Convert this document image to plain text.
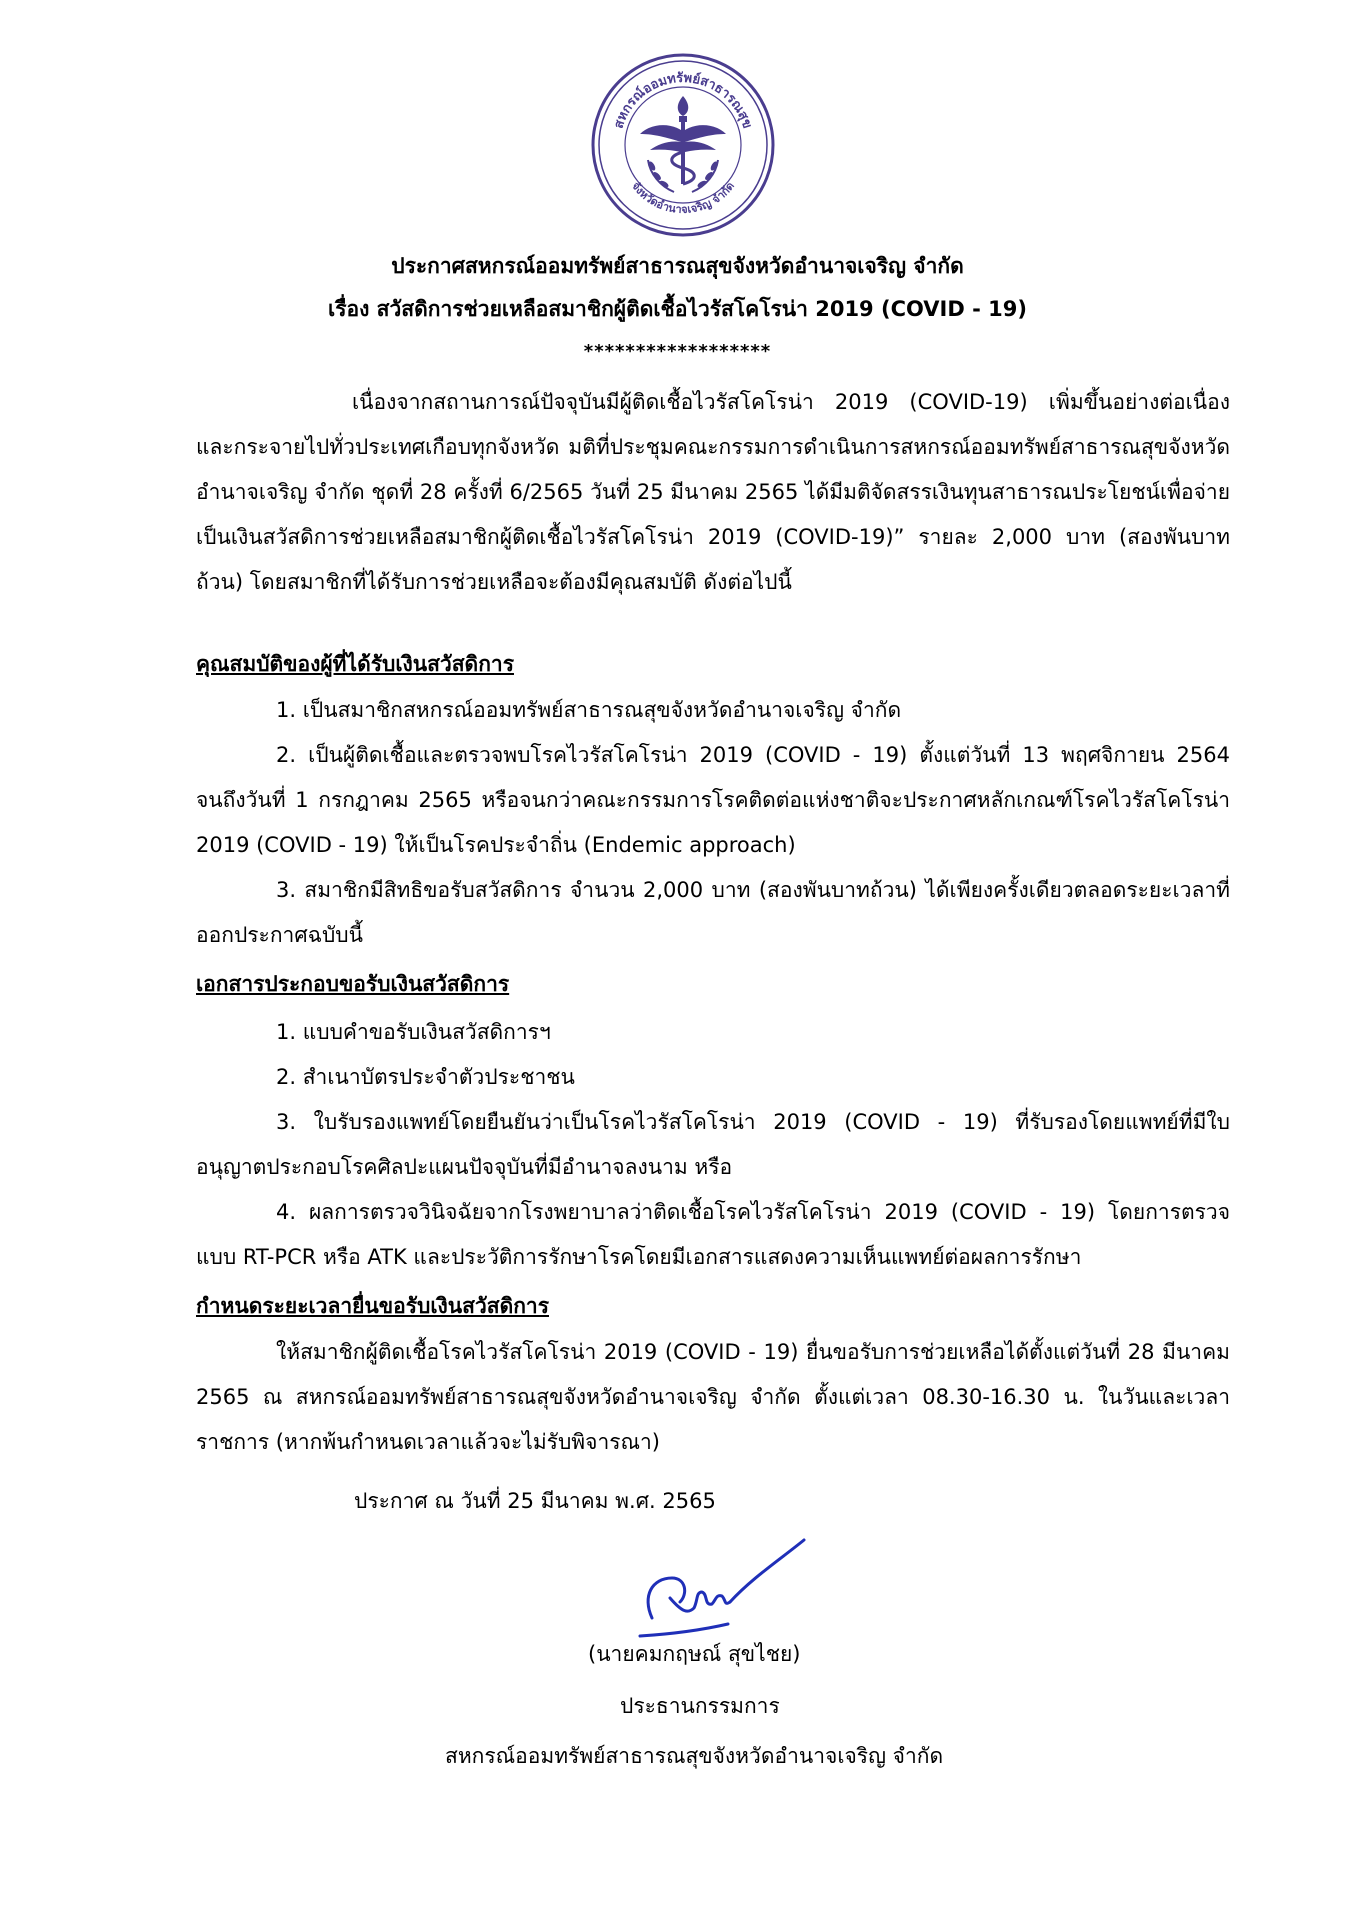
สหกรณ์ออมทรัพย์สาธารณสุข
จังหวัดอำนาจเจริญ จำกัด
ประกาศสหกรณ์ออมทรัพย์สาธารณสุขจังหวัดอำนาจเจริญ จำกัด
เรื่อง สวัสดิการช่วยเหลือสมาชิกผู้ติดเชื้อไวรัสโคโรน่า 2019 (COVID - 19)
******************
เนื่องจากสถานการณ์ปัจจุบันมีผู้ติดเชื้อไวรัสโคโรน่า 2019 (COVID-19) เพิ่มขึ้นอย่างต่อเนื่อง และกระจายไปทั่วประเทศเกือบทุกจังหวัด มติที่ประชุมคณะกรรมการดำเนินการสหกรณ์ออมทรัพย์สาธารณสุขจังหวัดอำนาจเจริญ จำกัด ชุดที่ 28 ครั้งที่ 6/2565 วันที่ 25 มีนาคม 2565 ได้มีมติจัดสรรเงินทุนสาธารณประโยชน์เพื่อจ่ายเป็นเงินสวัสดิการช่วยเหลือสมาชิกผู้ติดเชื้อไวรัสโคโรน่า 2019 (COVID-19)” รายละ 2,000 บาท (สองพันบาทถ้วน) โดยสมาชิกที่ได้รับการช่วยเหลือจะต้องมีคุณสมบัติ ดังต่อไปนี้
คุณสมบัติของผู้ที่ได้รับเงินสวัสดิการ
1. เป็นสมาชิกสหกรณ์ออมทรัพย์สาธารณสุขจังหวัดอำนาจเจริญ จำกัด
2. เป็นผู้ติดเชื้อและตรวจพบโรคไวรัสโคโรน่า 2019 (COVID - 19) ตั้งแต่วันที่ 13 พฤศจิกายน 2564 จนถึงวันที่ 1 กรกฎาคม 2565 หรือจนกว่าคณะกรรมการโรคติดต่อแห่งชาติจะประกาศหลักเกณฑ์โรคไวรัสโคโรน่า 2019 (COVID - 19) ให้เป็นโรคประจำถิ่น (Endemic approach)
3. สมาชิกมีสิทธิขอรับสวัสดิการ จำนวน 2,000 บาท (สองพันบาทถ้วน) ได้เพียงครั้งเดียวตลอดระยะเวลาที่ออกประกาศฉบับนี้
เอกสารประกอบขอรับเงินสวัสดิการ
1. แบบคำขอรับเงินสวัสดิการฯ
2. สำเนาบัตรประจำตัวประชาชน
3. ใบรับรองแพทย์โดยยืนยันว่าเป็นโรคไวรัสโคโรน่า 2019 (COVID - 19) ที่รับรองโดยแพทย์ที่มีใบอนุญาตประกอบโรคศิลปะแผนปัจจุบันที่มีอำนาจลงนาม หรือ
4. ผลการตรวจวินิจฉัยจากโรงพยาบาลว่าติดเชื้อโรคไวรัสโคโรน่า 2019 (COVID - 19) โดยการตรวจแบบ RT-PCR หรือ ATK และประวัติการรักษาโรคโดยมีเอกสารแสดงความเห็นแพทย์ต่อผลการรักษา
กำหนดระยะเวลายื่นขอรับเงินสวัสดิการ
ให้สมาชิกผู้ติดเชื้อโรคไวรัสโคโรน่า 2019 (COVID - 19) ยื่นขอรับการช่วยเหลือได้ตั้งแต่วันที่ 28 มีนาคม 2565 ณ สหกรณ์ออมทรัพย์สาธารณสุขจังหวัดอำนาจเจริญ จำกัด ตั้งแต่เวลา 08.30-16.30 น. ในวันและเวลาราชการ (หากพ้นกำหนดเวลาแล้วจะไม่รับพิจารณา)
ประกาศ ณ วันที่ 25 มีนาคม พ.ศ. 2565
(นายคมกฤษณ์ สุขไชย)
ประธานกรรมการ
สหกรณ์ออมทรัพย์สาธารณสุขจังหวัดอำนาจเจริญ จำกัด
